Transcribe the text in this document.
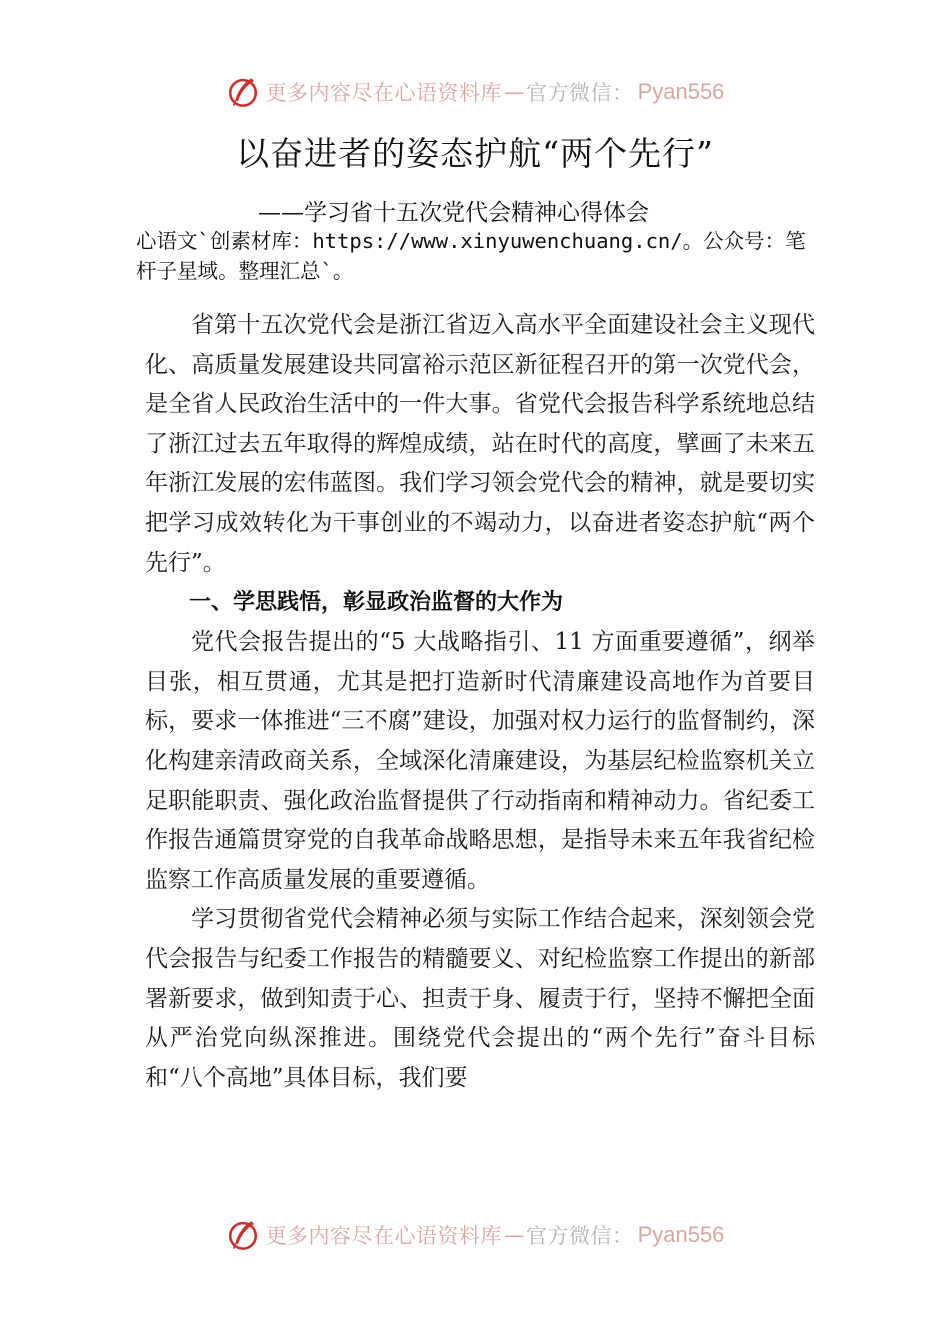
更多内容尽在心语资料库 — 官方微信： Pyan556
以奋进者的姿态护航“两个先行”
——学习省十五次党代会精神心得体会
心语文`创素材库：https://www.xinyuwenchuang.cn/。公众号：笔杆子星域。整理汇总`。

省第十五次党代会是浙江省迈入高水平全面建设社会主义现代化、高质量发展建设共同富裕示范区新征程召开的第一次党代会，是全省人民政治生活中的一件大事。省党代会报告科学系统地总结了浙江过去五年取得的辉煌成绩，站在时代的高度，擘画了未来五年浙江发展的宏伟蓝图。我们学习领会党代会的精神，就是要切实把学习成效转化为干事创业的不竭动力，以奋进者姿态护航“两个先行”。

一、学思践悟，彰显政治监督的大作为

党代会报告提出的“5 大战略指引、11 方面重要遵循”，纲举目张，相互贯通，尤其是把打造新时代清廉建设高地作为首要目标，要求一体推进“三不腐”建设，加强对权力运行的监督制约，深化构建亲清政商关系，全域深化清廉建设，为基层纪检监察机关立足职能职责、强化政治监督提供了行动指南和精神动力。省纪委工作报告通篇贯穿党的自我革命战略思想，是指导未来五年我省纪检监察工作高质量发展的重要遵循。

学习贯彻省党代会精神必须与实际工作结合起来，深刻领会党代会报告与纪委工作报告的精髓要义、对纪检监察工作提出的新部署新要求，做到知责于心、担责于身、履责于行，坚持不懈把全面从严治党向纵深推进。围绕党代会提出的“两个先行”奋斗目标和“八个高地”具体目标，我们要

更多内容尽在心语资料库 — 官方微信： Pyan556
